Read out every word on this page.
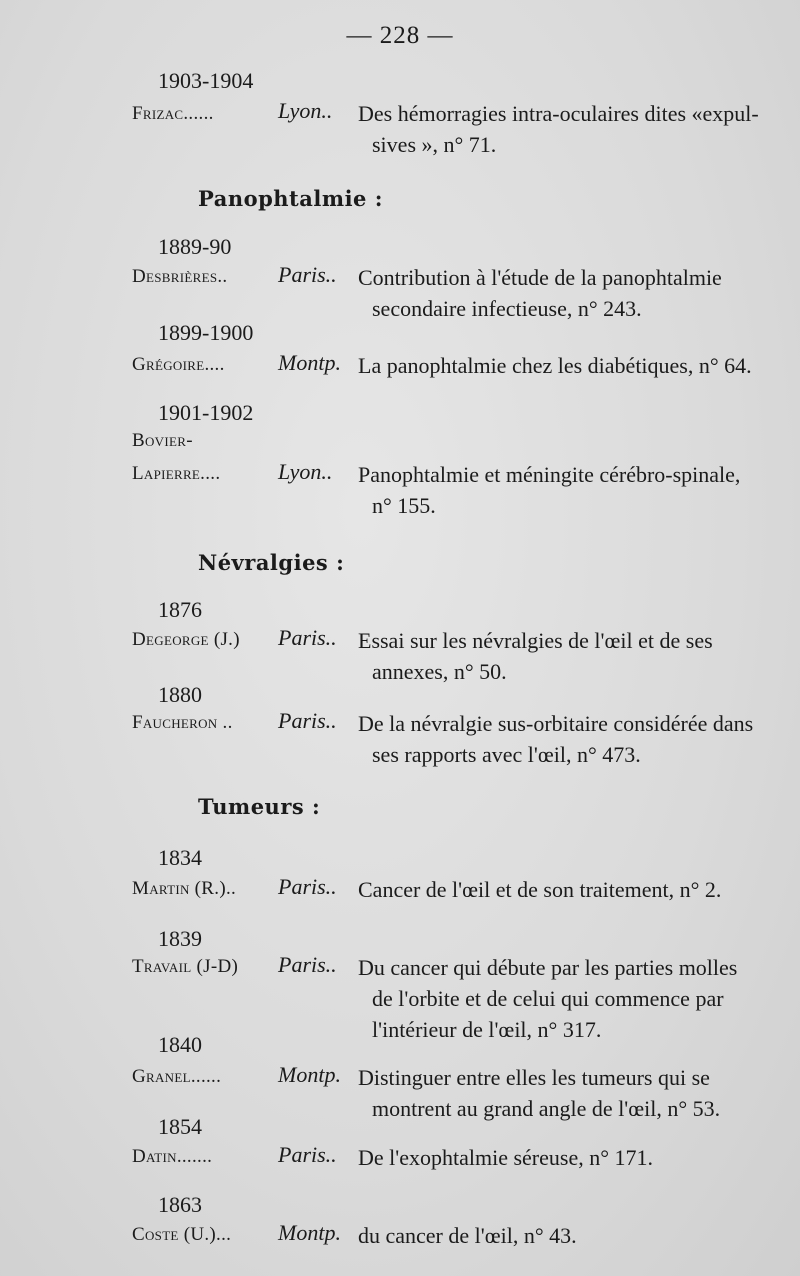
— 228 —
1903-1904
Frizac......	Lyon.. Des hémorragies intra-oculaires dites «expul-
sives », n° 71.
Panophtalmie :
1889-90
Desbrières.. Paris.. Contribution à l'étude de la panophtalmie
secondaire infectieuse, n° 243.
1899-1900
Grégoire.... Montp. La panophtalmie chez les diabétiques, n° 64.
1901-1902
Bovier-
Lapierre....	Lyon.. Panophtalmie et méningite cérébro-spinale,
n° 155.
Névralgies :
1876
Degeorge (J.) Paris.. Essai sur les névralgies de l'œil et de ses
annexes, n° 50.
1880
Faucheron .. Paris.. De la névralgie sus-orbitaire considérée dans
ses rapports avec l'œil, n° 473.
Tumeurs :
1834
Martin (R.).. Paris.. Cancer de l'œil et de son traitement, n° 2.
1839
Travail (J-D) Paris.. Du cancer qui débute par les parties molles
de l'orbite et de celui qui commence par
l'intérieur de l'œil, n° 317.
1840
Granel......	Montp. Distinguer entre elles les tumeurs qui se
montrent au grand angle de l'œil, n° 53.
1854
Datin.......	Paris.. De l'exophtalmie séreuse, n° 171.
1863
Coste (U.)... Montp. du cancer de l'œil, n° 43.
